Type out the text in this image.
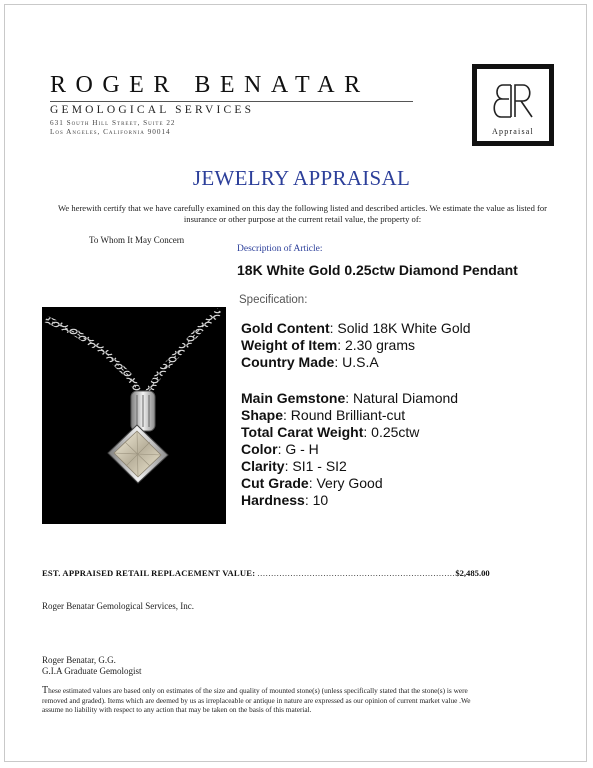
ROGER BENATAR
GEMOLOGICAL SERVICES
631 South Hill Street, Suite 22
Los Angeles, California 90014	Appraisal
JEWELRY APPRAISAL
We herewith certify that we have carefully examined on this day the following listed and described articles. We estimate the value as listed for insurance or other purpose at the current retail value, the property of:
To Whom It May Concern
Description of Article:
18K White Gold 0.25ctw Diamond Pendant
Specification:
Gold Content: Solid 18K White Gold
Weight of Item: 2.30 grams
Country Made: U.S.A
Main Gemstone: Natural Diamond
Shape: Round Brilliant-cut
Total Carat Weight: 0.25ctw
Color: G - H
Clarity: SI1 - SI2
Cut Grade: Very Good
Hardness: 10
EST. APPRAISED RETAIL REPLACEMENT VALUE: ........................................................................$2,485.00
Roger Benatar Gemological Services, Inc.
Roger Benatar, G.G.
G.I.A Graduate Gemologist
These estimated values are based only on estimates of the size and quality of mounted stone(s) (unless specifically stated that the stone(s) is were removed and graded). Items which are deemed by us as irreplaceable or antique in nature are expressed as our opinion of current market value .We assume no liability with respect to any action that may be taken on the basis of this material.
